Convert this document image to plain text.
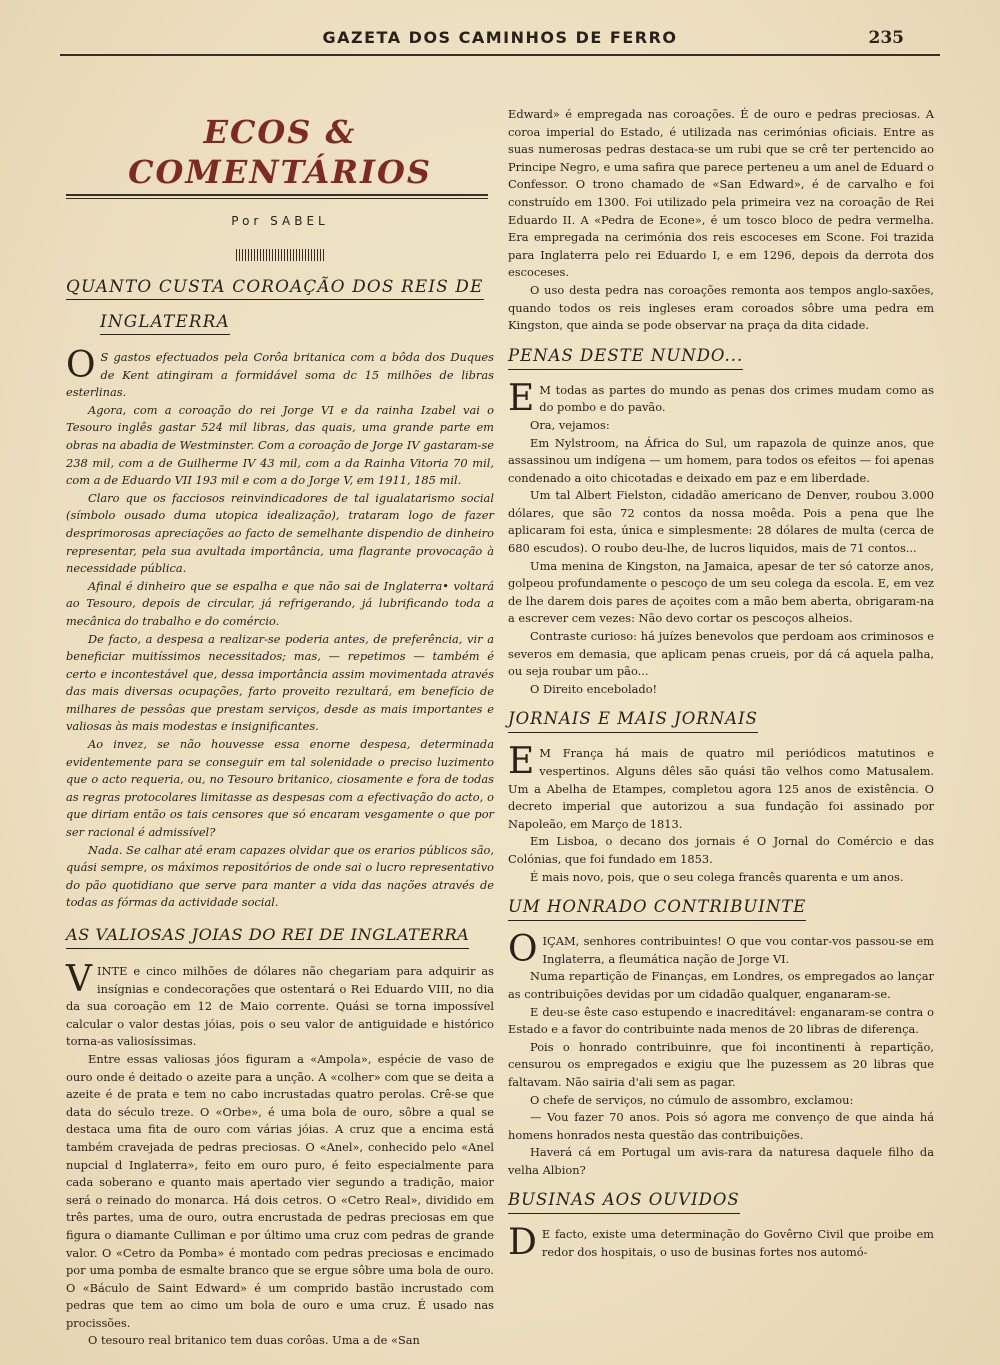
GAZETA DOS CAMINHOS DE FERRO	235
ECOS & COMENTÁRIOS
Por SABEL
QUANTO CUSTA COROAÇÃO DOS REIS DE
INGLATERRA

O S gastos efectuados pela Corôa britanica com a bôda dos Duques de Kent atingiram a formidável soma dc 15 milhões de libras esterlinas.

Agora, com a coroação do rei Jorge VI e da rainha Izabel vai o Tesouro inglês gastar 524 mil libras, das quais, uma grande parte em obras na abadia de Westminster. Com a coroação de Jorge IV gastaram-se 238 mil, com a de Guilherme IV 43 mil, com a da Rainha Vitoria 70 mil, com a de Eduardo VII 193 mil e com a do Jorge V, em 1911, 185 mil.

Claro que os facciosos reinvindicadores de tal igualatarismo social (símbolo ousado duma utopica idealização), trataram logo de fazer desprimorosas apreciações ao facto de semelhante dispendio de dinheiro representar, pela sua avultada importância, uma flagrante provocação à necessidade pública.

Afinal é dinheiro que se espalha e que não sai de Inglaterra• voltará ao Tesouro, depois de circular, já refrigerando, já lubrificando toda a mecânica do trabalho e do comércio.

De facto, a despesa a realizar-se poderia antes, de preferência, vir a beneficiar muitíssimos necessitados; mas, — repetimos — também é certo e incontestável que, dessa importância assim movimentada através das mais diversas ocupações, farto proveito rezultará, em benefício de milhares de pessôas que prestam serviços, desde as mais importantes e valiosas às mais modestas e insignificantes.

Ao invez, se não houvesse essa enorne despesa, determinada evidentemente para se conseguir em tal solenidade o preciso luzimento que o acto requeria, ou, no Tesouro britanico, ciosamente e fora de todas as regras protocolares limitasse as despesas com a efectivação do acto, o que diriam então os tais censores que só encaram vesgamente o que por ser racional é admissível?

Nada. Se calhar até eram capazes olvidar que os erarios públicos são, quási sempre, os máximos repositórios de onde sai o lucro representativo do pão quotidiano que serve para manter a vida das nações através de todas as fórmas da actividade social.

AS VALIOSAS JOIAS DO REI DE INGLATERRA

VINTE e cinco milhões de dólares não chegariam para adquirir as insígnias e condecorações que ostentará o Rei Eduardo VIII, no dia da sua coroação em 12 de Maio corrente. Quási se torna impossível calcular o valor destas jóias, pois o seu valor de antiguidade e histórico torna-as valiosíssimas.

Entre essas valiosas jóos figuram a «Ampola», espécie de vaso de ouro onde é deitado o azeite para a unção. A «colher» com que se deita a azeite é de prata e tem no cabo incrustadas quatro perolas. Crê-se que data do século treze. O «Orbe», é uma bola de ouro, sôbre a qual se destaca uma fita de ouro com várias jóias. A cruz que a encima está também cravejada de pedras preciosas. O «Anel», conhecido pelo «Anel nupcial d Inglaterra», feito em ouro puro, é feito especialmente para cada soberano e quanto mais apertado vier segundo a tradição, maior será o reinado do monarca. Há dois cetros. O «Cetro Real», dividido em três partes, uma de ouro, outra encrustada de pedras preciosas em que figura o diamante Culliman e por último uma cruz com pedras de grande valor. O «Cetro da Pomba» é montado com pedras preciosas e encimado por uma pomba de esmalte branco que se ergue sôbre uma bola de ouro. O «Báculo de Saint Edward» é um comprido bastão incrustado com pedras que tem ao cimo um bola de ouro e uma cruz. É usado nas procissões.

O tesouro real britanico tem duas corôas. Uma a de «San

Edward» é empregada nas coroações. É de ouro e pedras preciosas. A coroa imperial do Estado, é utilizada nas cerimónias oficiais. Entre as suas numerosas pedras destaca-se um rubi que se crê ter pertencido ao Principe Negro, e uma safira que parece perteneu a um anel de Eduard o Confessor. O trono chamado de «San Edward», é de carvalho e foi construído em 1300. Foi utilizado pela primeira vez na coroação de Rei Eduardo II. A «Pedra de Econe», é um tosco bloco de pedra vermelha. Era empregada na cerimónia dos reis escoceses em Scone. Foi trazida para Inglaterra pelo rei Eduardo I, e em 1296, depois da derrota dos escoceses.

O uso desta pedra nas coroações remonta aos tempos anglo-saxões, quando todos os reis ingleses eram coroados sôbre uma pedra em Kingston, que ainda se pode observar na praça da dita cidade.

PENAS DESTE NUNDO...

E M todas as partes do mundo as penas dos crimes mudam como as do pombo e do pavão.

Ora, vejamos:

Em Nylstroom, na África do Sul, um rapazola de quinze anos, que assassinou um indígena — um homem, para todos os efeitos — foi apenas condenado a oito chicotadas e deixado em paz e em liberdade.

Um tal Albert Fielston, cidadão americano de Denver, roubou 3.000 dólares, que são 72 contos da nossa moêda. Pois a pena que lhe aplicaram foi esta, única e simplesmente: 28 dólares de multa (cerca de 680 escudos). O roubo deu-lhe, de lucros liquidos, mais de 71 contos...

Uma menina de Kingston, na Jamaica, apesar de ter só catorze anos, golpeou profundamente o pescoço de um seu colega da escola. E, em vez de lhe darem dois pares de açoites com a mão bem aberta, obrigaram-na a escrever cem vezes: Não devo cortar os pescoços alheios.

Contraste curioso: há juízes benevolos que perdoam aos criminosos e severos em demasia, que aplicam penas crueis, por dá cá aquela palha, ou seja roubar um pão...

O Direito encebolado!

JORNAIS E MAIS JORNAIS

E M França há mais de quatro mil periódicos matutinos e vespertinos. Alguns dêles são quási tão velhos como Matusalem. Um a Abelha de Etampes, completou agora 125 anos de existência. O decreto imperial que autorizou a sua fundação foi assinado por Napoleão, em Março de 1813.

Em Lisboa, o decano dos jornais é O Jornal do Comércio e das Colónias, que foi fundado em 1853.

É mais novo, pois, que o seu colega francês quarenta e um anos.

UM HONRADO CONTRIBUINTE

OIÇAM, senhores contribuintes! O que vou contar-vos passou-se em Inglaterra, a fleumática nação de Jorge VI.

Numa repartição de Finanças, em Londres, os empregados ao lançar as contribuições devidas por um cidadão qualquer, enganaram-se.

E deu-se êste caso estupendo e inacreditável: enganaram-se contra o Estado e a favor do contribuinte nada menos de 20 libras de diferença.

Pois o honrado contribuinre, que foi incontinenti à repartição, censurou os empregados e exigiu que lhe puzessem as 20 libras que faltavam. Não sairia d'ali sem as pagar.

O chefe de serviços, no cúmulo de assombro, exclamou:

— Vou fazer 70 anos. Pois só agora me convenço de que ainda há homens honrados nesta questão das contribuições.

Haverá cá em Portugal um avis-rara da naturesa daquele filho da velha Albion?

BUSINAS AOS OUVIDOS

D E facto, existe uma determinação do Govêrno Civil que proibe em redor dos hospitais, o uso de businas fortes nos automó-
